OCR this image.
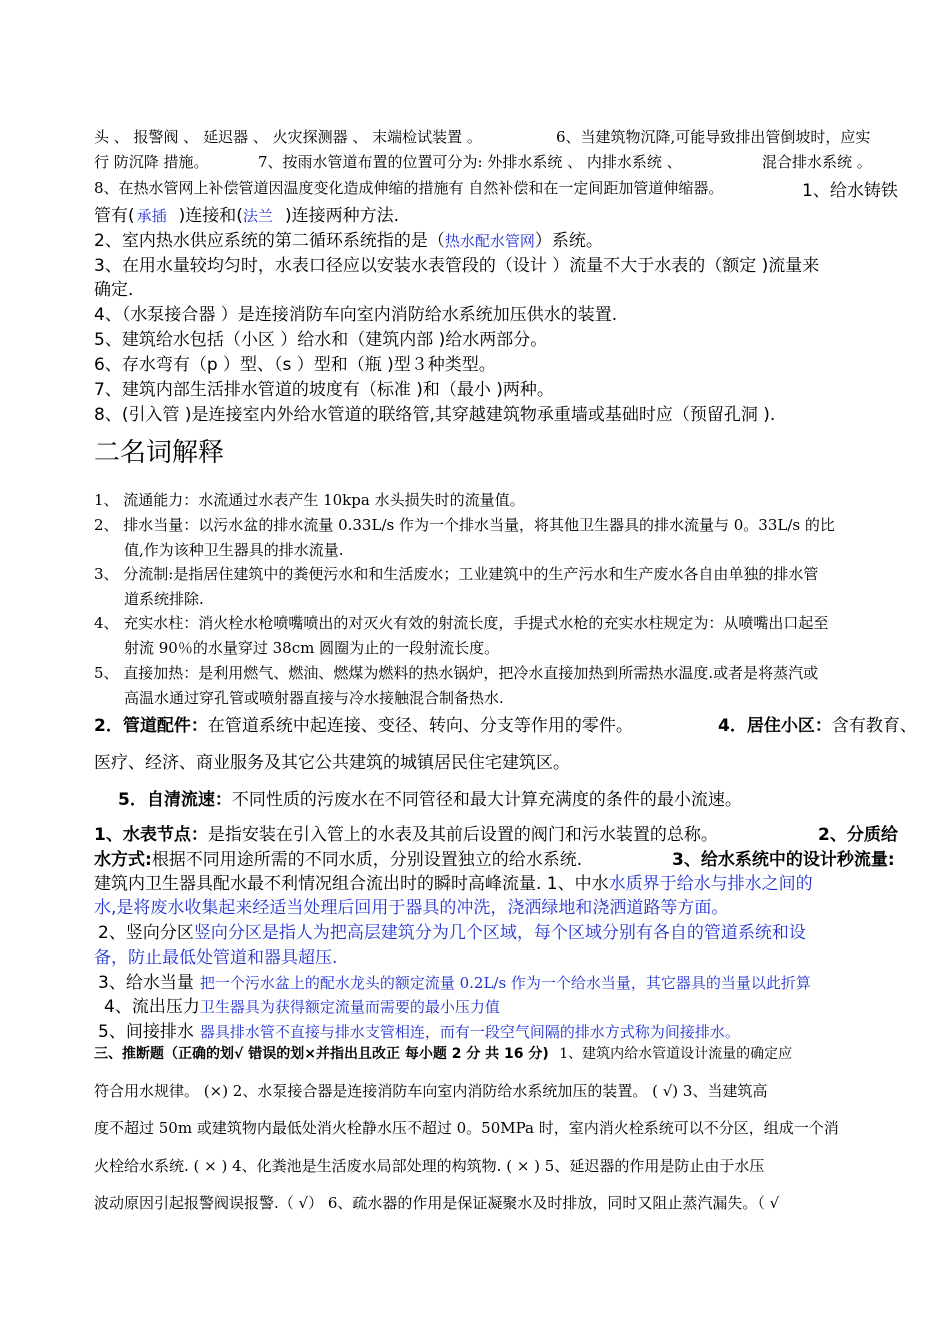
头 、 报警阀 、 延迟器 、 火灾探测器 、 末端检试装置 。	6、当建筑物沉降,可能导致排出管倒坡时，应实
行 防沉降 措施。	7、按雨水管道布置的位置可分为: 外排水系统 、 内排水系统 、	混合排水系统 。
8、在热水管网上补偿管道因温度变化造成伸缩的措施有 自然补偿和在一定间距加管道伸缩器。	1、给水铸铁
管有( 承插 )连接和(法兰 )连接两种方法.
2、室内热水供应系统的第二循环系统指的是（热水配水管网）系统。
3、在用水量较均匀时，水表口径应以安装水表管段的（设计 ）流量不大于水表的（额定 )流量来
确定.
4、（水泵接合器 ）是连接消防车向室内消防给水系统加压供水的装置.
5、建筑给水包括（小区 ）给水和（建筑内部 )给水两部分。
6、存水弯有（p ）型、（s ）型和（瓶 )型３种类型。
7、建筑内部生活排水管道的坡度有（标准 )和（最小 )两种。
8、(引入管 )是连接室内外给水管道的联络管,其穿越建筑物承重墙或基础时应（预留孔洞 ).
二名词解释
1、 流通能力：水流通过水表产生 10kpa 水头损失时的流量值。
2、 排水当量：以污水盆的排水流量 0.33L/s 作为一个排水当量，将其他卫生器具的排水流量与 0。33L/s 的比
值,作为该种卫生器具的排水流量.
3、 分流制:是指居住建筑中的粪便污水和和生活废水；工业建筑中的生产污水和生产废水各自由单独的排水管
道系统排除.
4、 充实水柱：消火栓水枪喷嘴喷出的对灭火有效的射流长度，手提式水枪的充实水柱规定为：从喷嘴出口起至
射流 90％的水量穿过 38cm 圆圈为止的一段射流长度。
5、 直接加热：是利用燃气、燃油、燃煤为燃料的热水锅炉，把冷水直接加热到所需热水温度.或者是将蒸汽或
高温水通过穿孔管或喷射器直接与冷水接触混合制备热水.
2．管道配件：在管道系统中起连接、变径、转向、分支等作用的零件。	4．居住小区：含有教育、
医疗、经济、商业服务及其它公共建筑的城镇居民住宅建筑区。
5．自清流速：不同性质的污废水在不同管径和最大计算充满度的条件的最小流速。
1、水表节点：是指安装在引入管上的水表及其前后设置的阀门和污水装置的总称。	2、分质给
水方式:根据不同用途所需的不同水质，分别设置独立的给水系统.	3、给水系统中的设计秒流量:
建筑内卫生器具配水最不利情况组合流出时的瞬时高峰流量. 1、中水水质界于给水与排水之间的
水,是将废水收集起来经适当处理后回用于器具的冲洗，浇洒绿地和浇洒道路等方面。
2、竖向分区竖向分区是指人为把高层建筑分为几个区域，每个区域分别有各自的管道系统和设
备，防止最低处管道和器具超压.
3、给水当量 把一个污水盆上的配水龙头的额定流量 0.2L/s 作为一个给水当量，其它器具的当量以此折算
4、流出压力卫生器具为获得额定流量而需要的最小压力值
5、间接排水 器具排水管不直接与排水支管相连，而有一段空气间隔的排水方式称为间接排水。
三、推断题（正确的划√ 错误的划×并指出且改正 每小题 2 分 共 16 分) 1、建筑内给水管道设计流量的确定应
符合用水规律。 (×) 2、水泵接合器是连接消防车向室内消防给水系统加压的装置。 ( √) 3、当建筑高
度不超过 50m 或建筑物内最低处消火栓静水压不超过 0。50MPa 时，室内消火栓系统可以不分区，组成一个消
火栓给水系统. ( × ) 4、化粪池是生活废水局部处理的构筑物. ( × ) 5、延迟器的作用是防止由于水压
波动原因引起报警阀误报警.（ √） 6、疏水器的作用是保证凝聚水及时排放，同时又阻止蒸汽漏失。（ √
